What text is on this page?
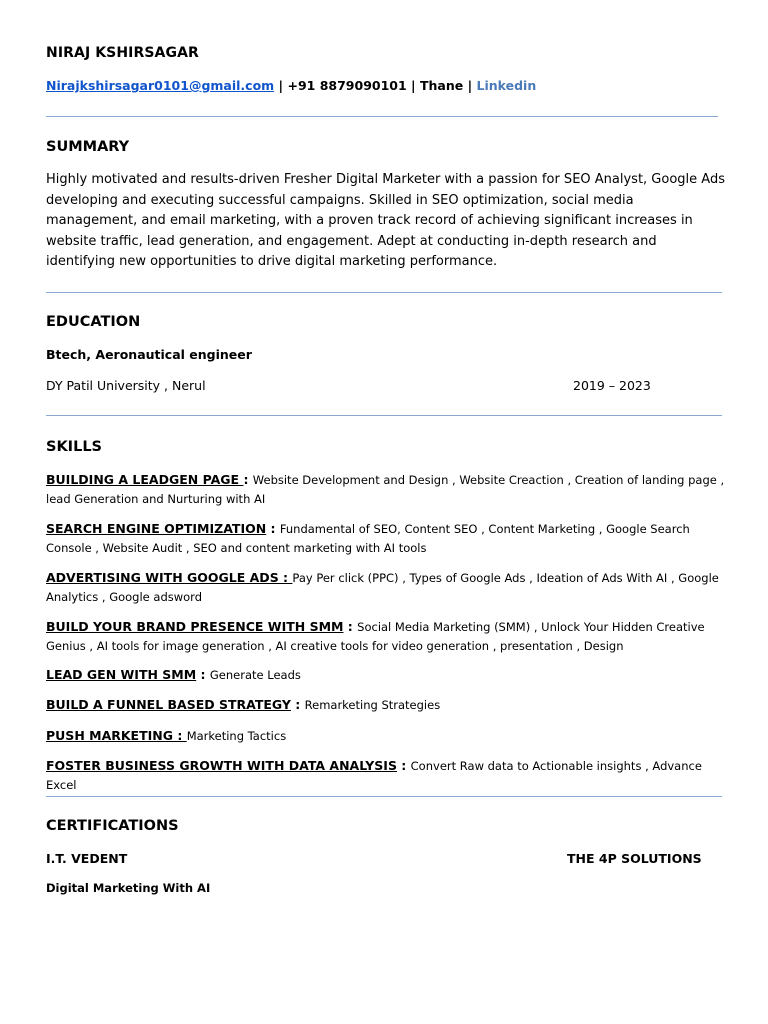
NIRAJ KSHIRSAGAR
Nirajkshirsagar0101@gmail.com | +91 8879090101 | Thane | Linkedin
SUMMARY
Highly motivated and results-driven Fresher Digital Marketer with a passion for SEO Analyst, Google Ads developing and executing successful campaigns. Skilled in SEO optimization, social media management, and email marketing, with a proven track record of achieving significant increases in website traffic, lead generation, and engagement. Adept at conducting in-depth research and identifying new opportunities to drive digital marketing performance.
EDUCATION
Btech, Aeronautical engineer
DY Patil University , Nerul	2019 – 2023
SKILLS
BUILDING A LEADGEN PAGE : Website Development and Design , Website Creaction , Creation of landing page , lead Generation and Nurturing with AI
SEARCH ENGINE OPTIMIZATION : Fundamental of SEO, Content SEO , Content Marketing , Google Search Console , Website Audit , SEO and content marketing with AI tools
ADVERTISING WITH GOOGLE ADS : Pay Per click (PPC) , Types of Google Ads , Ideation of Ads With AI , Google Analytics , Google adsword
BUILD YOUR BRAND PRESENCE WITH SMM : Social Media Marketing (SMM) , Unlock Your Hidden Creative Genius , AI tools for image generation , AI creative tools for video generation , presentation , Design
LEAD GEN WITH SMM : Generate Leads
BUILD A FUNNEL BASED STRATEGY : Remarketing Strategies
PUSH MARKETING : Marketing Tactics
FOSTER BUSINESS GROWTH WITH DATA ANALYSIS : Convert Raw data to Actionable insights , Advance Excel
CERTIFICATIONS
I.T. VEDENT	THE 4P SOLUTIONS
Digital Marketing With AI
